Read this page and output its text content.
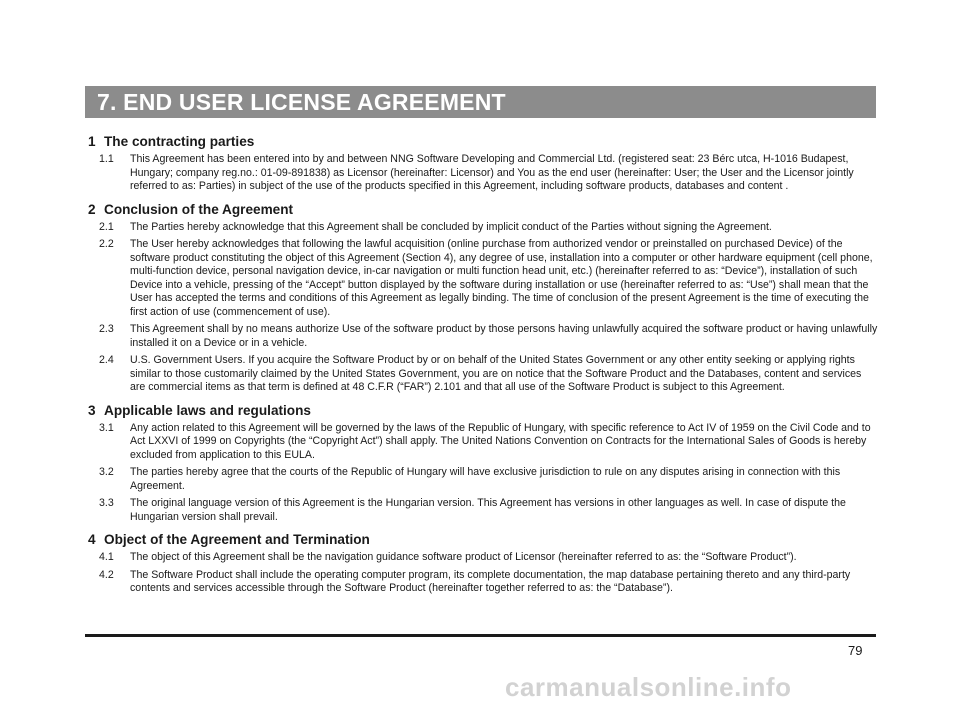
7. END USER LICENSE AGREEMENT
1 The contracting parties
1.1	This Agreement has been entered into by and between NNG Software Developing and Commercial Ltd. (registered seat: 23 Bérc utca, H-1016 Budapest, Hungary; company reg.no.: 01-09-891838) as Licensor (hereinafter: Licensor) and You as the end user (hereinafter: User; the User and the Licensor jointly referred to as: Parties) in subject of the use of the products specified in this Agreement, including software products, databases and content .
2 Conclusion of the Agreement
2.1	The Parties hereby acknowledge that this Agreement shall be concluded by implicit conduct of the Parties without signing the Agreement.
2.2	The User hereby acknowledges that following the lawful acquisition (online purchase from authorized vendor or preinstalled on purchased Device) of the software product constituting the object of this Agreement (Section 4), any degree of use, installation into a computer or other hardware equipment (cell phone, multi-function device, personal navigation device, in-car navigation or multi function head unit, etc.) (hereinafter referred to as: “Device”), installation of such Device into a vehicle, pressing of the “Accept” button displayed by the software during installation or use (hereinafter referred to as: “Use”) shall mean that the User has accepted the terms and conditions of this Agreement as legally binding. The time of conclusion of the present Agreement is the time of executing the first action of use (commencement of use).
2.3	This Agreement shall by no means authorize Use of the software product by those persons having unlawfully acquired the software product or having unlawfully installed it on a Device or in a vehicle.
2.4	U.S. Government Users. If you acquire the Software Product by or on behalf of the United States Government or any other entity seeking or applying rights similar to those customarily claimed by the United States Government, you are on notice that the Software Product and the Databases, content and services are commercial items as that term is defined at 48 C.F.R (“FAR”) 2.101 and that all use of the Software Product is subject to this Agreement.
3 Applicable laws and regulations
3.1	Any action related to this Agreement will be governed by the laws of the Republic of Hungary, with specific reference to Act IV of 1959 on the Civil Code and to Act LXXVI of 1999 on Copyrights (the “Copyright Act”) shall apply. The United Nations Convention on Contracts for the International Sales of Goods is hereby excluded from application to this EULA.
3.2	The parties hereby agree that the courts of the Republic of Hungary will have exclusive jurisdiction to rule on any disputes arising in connection with this Agreement.
3.3	The original language version of this Agreement is the Hungarian version. This Agreement has versions in other languages as well. In case of dispute the Hungarian version shall prevail.
4 Object of the Agreement and Termination
4.1	The object of this Agreement shall be the navigation guidance software product of Licensor (hereinafter referred to as: the “Software Product”).
4.2	The Software Product shall include the operating computer program, its complete documentation, the map database pertaining thereto and any third-party contents and services accessible through the Software Product (hereinafter together referred to as: the “Database”).
79
carmanualsonline.info
